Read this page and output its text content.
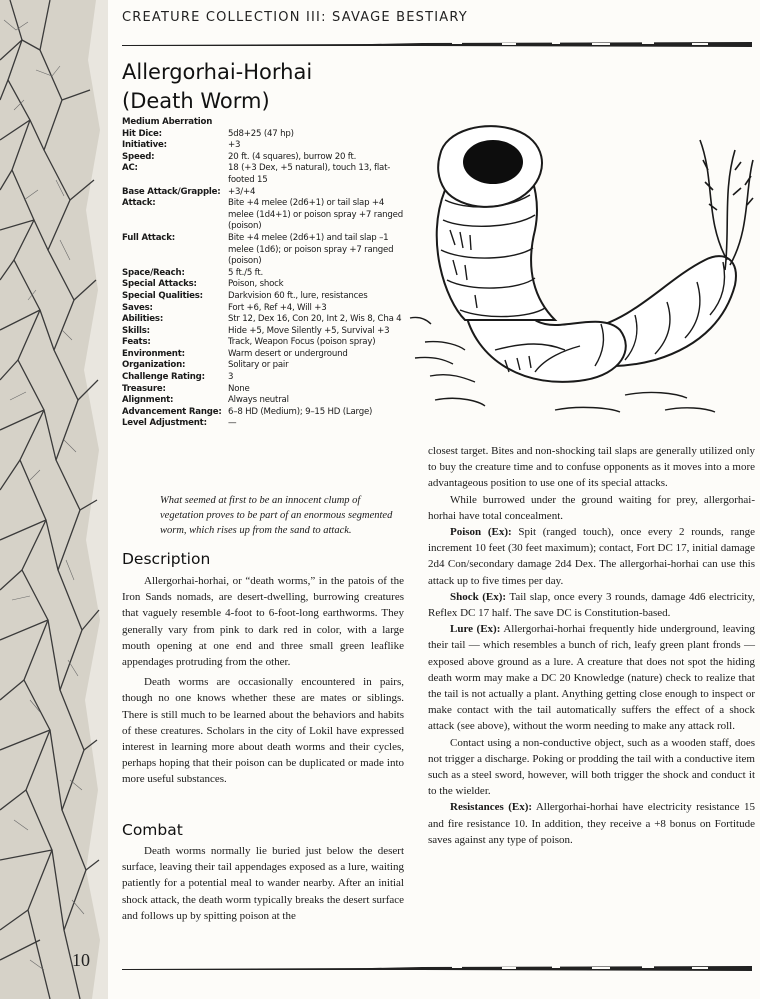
CREATURE COLLECTION III: SAVAGE BESTIARY
Allergorhai-Horhai
(Death Worm)
Medium Aberration
Hit Dice:	5d8+25 (47 hp)
Initiative:	+3
Speed:	20 ft. (4 squares), burrow 20 ft.
AC:	18 (+3 Dex, +5 natural), touch 13, flat-footed 15
Base Attack/Grapple: +3/+4
Attack:	Bite +4 melee (2d6+1) or tail slap +4 melee (1d4+1) or poison spray +7 ranged (poison)
Full Attack:	Bite +4 melee (2d6+1) and tail slap –1 melee (1d6); or poison spray +7 ranged (poison)
Space/Reach:	5 ft./5 ft.
Special Attacks:	Poison, shock
Special Qualities:	Darkvision 60 ft., lure, resistances
Saves:	Fort +6, Ref +4, Will +3
Abilities:	Str 12, Dex 16, Con 20, Int 2, Wis 8, Cha 4
Skills:	Hide +5, Move Silently +5, Survival +3
Feats:	Track, Weapon Focus (poison spray)
Environment:	Warm desert or underground
Organization:	Solitary or pair
Challenge Rating:	3
Treasure:	None
Alignment:	Always neutral
Advancement Range: 6–8 HD (Medium); 9–15 HD (Large)
Level Adjustment:	—
What seemed at first to be an innocent clump of vegetation proves to be part of an enormous segmented worm, which rises up from the sand to attack.
Description

Allergorhai-horhai, or “death worms,” in the patois of the Iron Sands nomads, are desert-dwelling, burrowing creatures that vaguely resemble 4-foot to 6-foot-long earthworms. They generally vary from pink to dark red in color, with a large mouth opening at one end and three small green leaflike appendages protruding from the other.

Death worms are occasionally encountered in pairs, though no one knows whether these are mates or siblings. There is still much to be learned about the behaviors and habits of these creatures. Scholars in the city of Lokil have expressed interest in learning more about death worms and their cycles, perhaps hoping that their poison can be duplicated or made into more useful substances.

Combat

Death worms normally lie buried just below the desert surface, leaving their tail appendages exposed as a lure, waiting patiently for a potential meal to wander nearby. After an initial shock attack, the death worm typically breaks the desert surface and follows up by spitting poison at the

closest target. Bites and non-shocking tail slaps are generally utilized only to buy the creature time and to confuse opponents as it moves into a more advantageous position to use one of its special attacks.

While burrowed under the ground waiting for prey, allergorhai-horhai have total concealment.

Poison (Ex): Spit (ranged touch), once every 2 rounds, range increment 10 feet (30 feet maximum); contact, Fort DC 17, initial damage 2d4 Con/secondary damage 2d4 Dex. The allergorhai-horhai can use this attack up to five times per day.

Shock (Ex): Tail slap, once every 3 rounds, damage 4d6 electricity, Reflex DC 17 half. The save DC is Constitution-based.

Lure (Ex): Allergorhai-horhai frequently hide underground, leaving their tail — which resembles a bunch of rich, leafy green plant fronds — exposed above ground as a lure. A creature that does not spot the hiding death worm may make a DC 20 Knowledge (nature) check to realize that the tail is not actually a plant. Anything getting close enough to inspect or make contact with the tail automatically suffers the effect of a shock attack (see above), without the worm needing to make any attack roll.

Contact using a non-conductive object, such as a wooden staff, does not trigger a discharge. Poking or prodding the tail with a conductive item such as a steel sword, however, will both trigger the shock and conduct it to the wielder.

Resistances (Ex): Allergorhai-horhai have electricity resistance 15 and fire resistance 10. In addition, they receive a +8 bonus on Fortitude saves against any type of poison.

10
